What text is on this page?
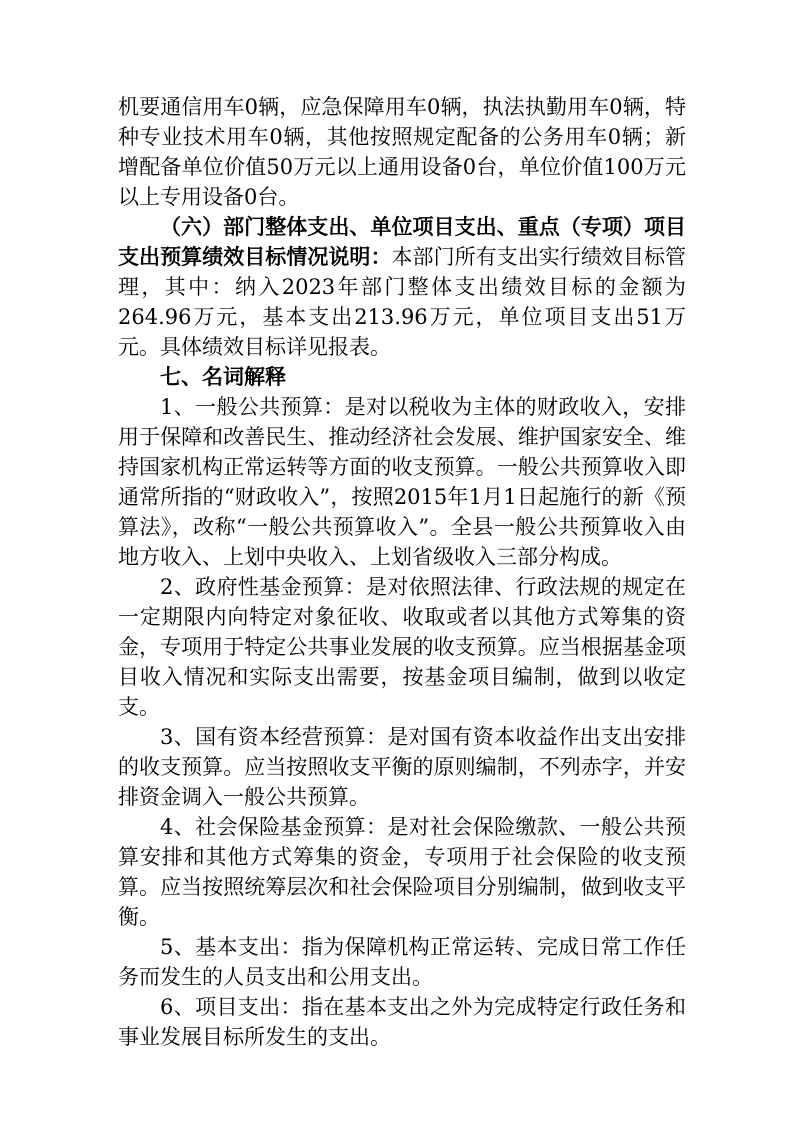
机要通信用车0辆，应急保障用车0辆，执法执勤用车0辆，特种专业技术用车0辆，其他按照规定配备的公务用车0辆；新增配备单位价值50万元以上通用设备0台，单位价值100万元以上专用设备0台。

（六）部门整体支出、单位项目支出、重点（专项）项目支出预算绩效目标情况说明：本部门所有支出实行绩效目标管理，其中：纳入2023年部门整体支出绩效目标的金额为264.96万元，基本支出213.96万元，单位项目支出51万元。具体绩效目标详见报表。

七、名词解释

1、一般公共预算：是对以税收为主体的财政收入，安排用于保障和改善民生、推动经济社会发展、维护国家安全、维持国家机构正常运转等方面的收支预算。一般公共预算收入即通常所指的“财政收入”，按照2015年1月1日起施行的新《预算法》，改称“一般公共预算收入”。全县一般公共预算收入由地方收入、上划中央收入、上划省级收入三部分构成。

2、政府性基金预算：是对依照法律、行政法规的规定在一定期限内向特定对象征收、收取或者以其他方式筹集的资金，专项用于特定公共事业发展的收支预算。应当根据基金项目收入情况和实际支出需要，按基金项目编制，做到以收定支。

3、国有资本经营预算：是对国有资本收益作出支出安排的收支预算。应当按照收支平衡的原则编制，不列赤字，并安排资金调入一般公共预算。

4、社会保险基金预算：是对社会保险缴款、一般公共预算安排和其他方式筹集的资金，专项用于社会保险的收支预算。应当按照统筹层次和社会保险项目分别编制，做到收支平衡。

5、基本支出：指为保障机构正常运转、完成日常工作任务而发生的人员支出和公用支出。

6、项目支出：指在基本支出之外为完成特定行政任务和事业发展目标所发生的支出。
